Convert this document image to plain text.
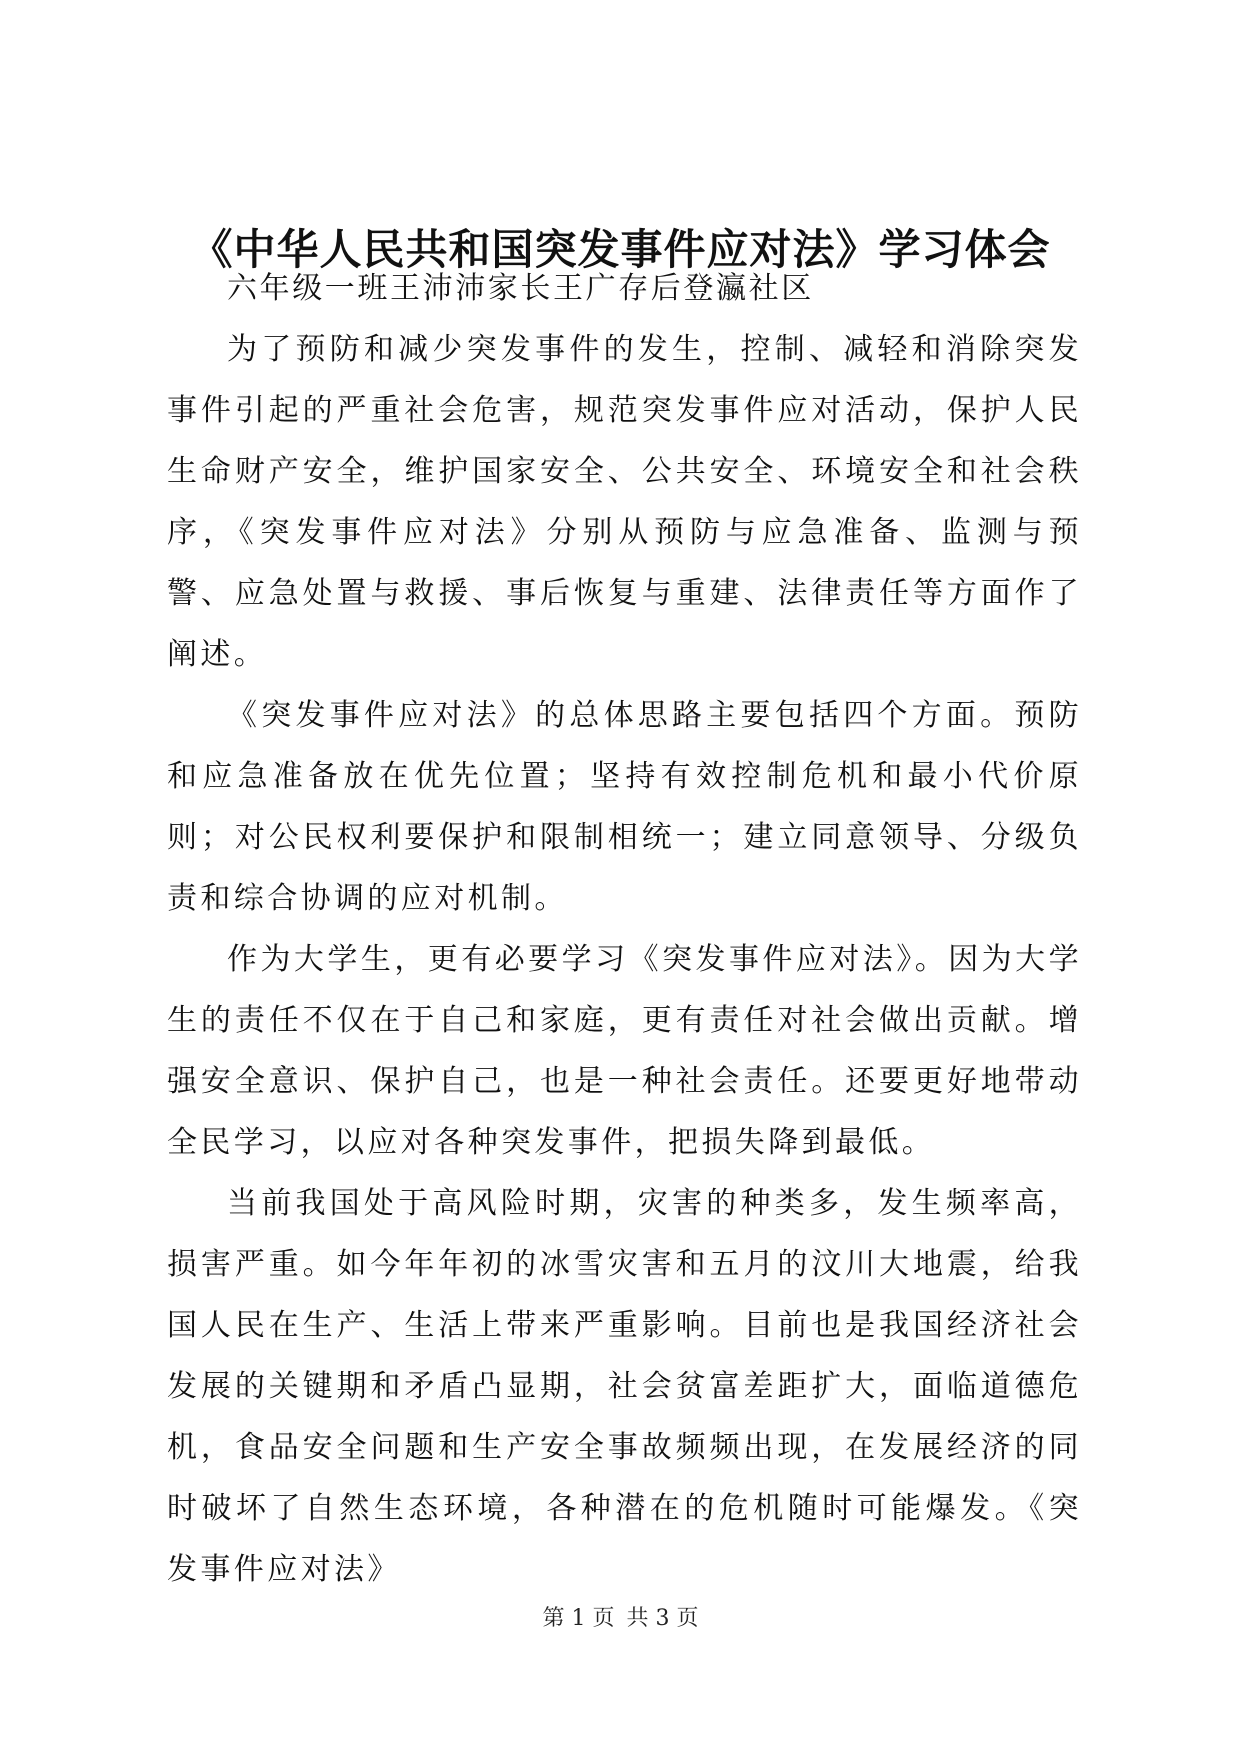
《中华人民共和国突发事件应对法》学习体会

六年级一班王沛沛家长王广存后登瀛社区

为了预防和减少突发事件的发生，控制、减轻和消除突发事件引起的严重社会危害，规范突发事件应对活动，保护人民生命财产安全，维护国家安全、公共安全、环境安全和社会秩序，《突发事件应对法》分别从预防与应急准备、监测与预警、应急处置与救援、事后恢复与重建、法律责任等方面作了阐述。

《突发事件应对法》的总体思路主要包括四个方面。预防和应急准备放在优先位置；坚持有效控制危机和最小代价原则；对公民权利要保护和限制相统一；建立同意领导、分级负责和综合协调的应对机制。

作为大学生，更有必要学习《突发事件应对法》。因为大学生的责任不仅在于自己和家庭，更有责任对社会做出贡献。增强安全意识、保护自己，也是一种社会责任。还要更好地带动全民学习，以应对各种突发事件，把损失降到最低。

当前我国处于高风险时期，灾害的种类多，发生频率高，损害严重。如今年年初的冰雪灾害和五月的汶川大地震，给我国人民在生产、生活上带来严重影响。目前也是我国经济社会发展的关键期和矛盾凸显期，社会贫富差距扩大，面临道德危机，食品安全问题和生产安全事故频频出现，在发展经济的同时破坏了自然生态环境，各种潜在的危机随时可能爆发。《突发事件应对法》

第 1 页 共 3 页
